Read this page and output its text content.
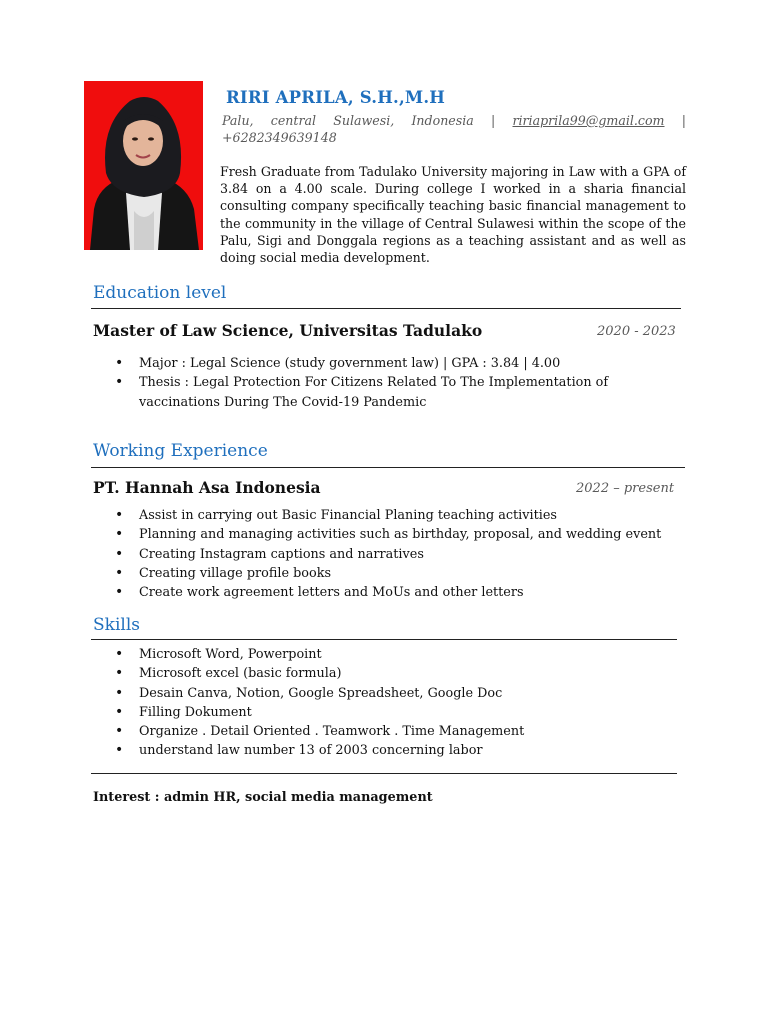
RIRI APRILA, S.H.,M.H
Palu, central Sulawesi, Indonesia | ririaprila99@gmail.com |
+6282349639148
Fresh Graduate from Tadulako University majoring in Law with a GPA of 3.84 on a 4.00 scale. During college I worked in a sharia financial consulting company specifically teaching basic financial management to the community in the village of Central Sulawesi within the scope of the Palu, Sigi and Donggala regions as a teaching assistant and as well as doing social media development.
Education level
Master of Law Science, Universitas Tadulako	2020 - 2023
• Major : Legal Science (study government law) | GPA : 3.84 | 4.00
• Thesis : Legal Protection For Citizens Related To The Implementation of vaccinations During The Covid-19 Pandemic
Working Experience
PT. Hannah Asa Indonesia	2022 – present
• Assist in carrying out Basic Financial Planing teaching activities
• Planning and managing activities such as birthday, proposal, and wedding event
• Creating Instagram captions and narratives
• Creating village profile books
• Create work agreement letters and MoUs and other letters
Skills
• Microsoft Word, Powerpoint
• Microsoft excel (basic formula)
• Desain Canva, Notion, Google Spreadsheet, Google Doc
• Filling Dokument
• Organize . Detail Oriented . Teamwork . Time Management
• understand law number 13 of 2003 concerning labor
Interest : admin HR, social media management
